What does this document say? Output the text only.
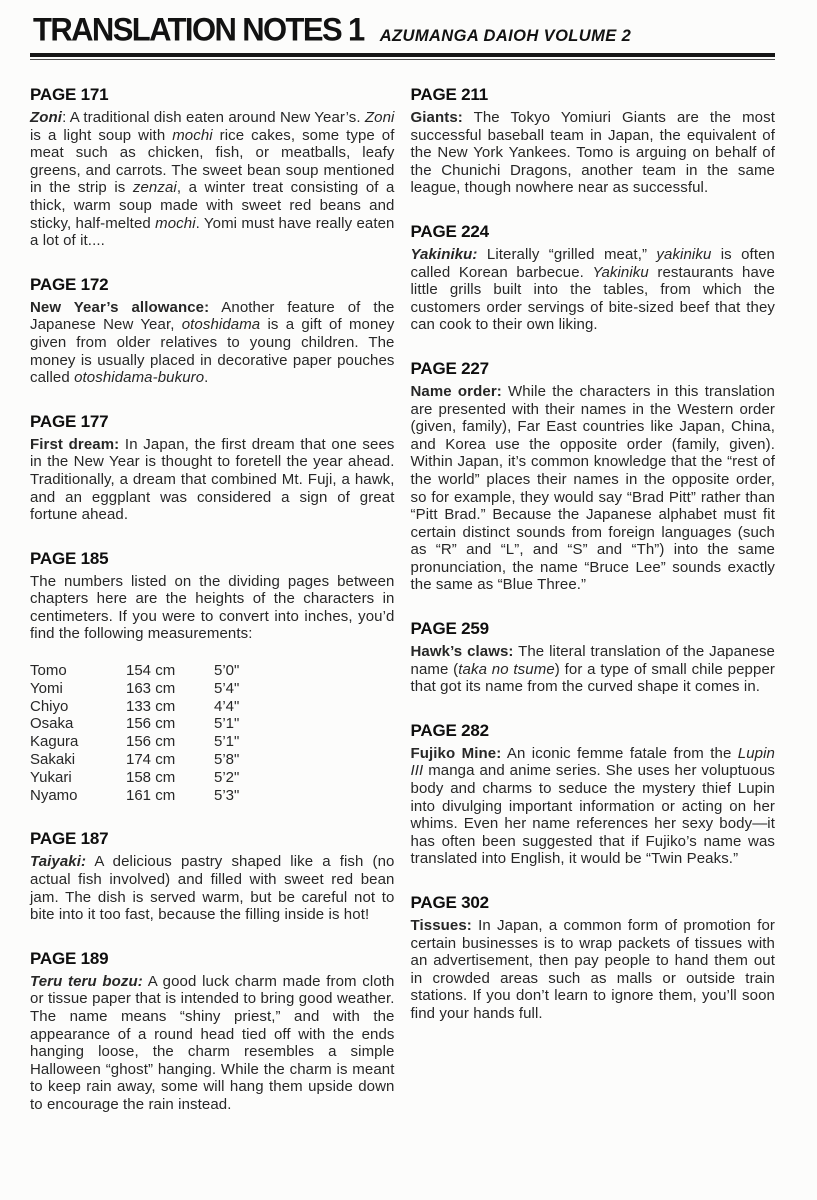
TRANSLATION NOTES 1 AZUMANGA DAIOH VOLUME 2
PAGE 171

Zoni: A traditional dish eaten around New Year’s. Zoni is a light soup with mochi rice cakes, some type of meat such as chicken, fish, or meatballs, leafy greens, and carrots. The sweet bean soup mentioned in the strip is zenzai, a winter treat consisting of a thick, warm soup made with sweet red beans and sticky, half-melted mochi. Yomi must have really eaten a lot of it....

PAGE 172

New Year’s allowance: Another feature of the Japanese New Year, otoshidama is a gift of money given from older relatives to young children. The money is usually placed in decorative paper pouches called otoshidama-bukuro.

PAGE 177

First dream: In Japan, the first dream that one sees in the New Year is thought to foretell the year ahead. Traditionally, a dream that combined Mt. Fuji, a hawk, and an eggplant was considered a sign of great fortune ahead.

PAGE 185

The numbers listed on the dividing pages between chapters here are the heights of the characters in centimeters. If you were to convert into inches, you’d find the following measurements:

Tomo	154 cm	5’0"
Yomi	163 cm	5’4"
Chiyo	133 cm	4’4"
Osaka	156 cm	5’1"
Kagura	156 cm	5’1"
Sakaki	174 cm	5’8"
Yukari	158 cm	5’2"
Nyamo	161 cm	5’3"
PAGE 187

Taiyaki: A delicious pastry shaped like a fish (no actual fish involved) and filled with sweet red bean jam. The dish is served warm, but be careful not to bite into it too fast, because the filling inside is hot!

PAGE 189

Teru teru bozu: A good luck charm made from cloth or tissue paper that is intended to bring good weather. The name means “shiny priest,” and with the appearance of a round head tied off with the ends hanging loose, the charm resembles a simple Halloween “ghost” hanging. While the charm is meant to keep rain away, some will hang them upside down to encourage the rain instead.

PAGE 211

Giants: The Tokyo Yomiuri Giants are the most successful baseball team in Japan, the equivalent of the New York Yankees. Tomo is arguing on behalf of the Chunichi Dragons, another team in the same league, though nowhere near as successful.

PAGE 224

Yakiniku: Literally “grilled meat,” yakiniku is often called Korean barbecue. Yakiniku restaurants have little grills built into the tables, from which the customers order servings of bite-sized beef that they can cook to their own liking.

PAGE 227

Name order: While the characters in this translation are presented with their names in the Western order (given, family), Far East countries like Japan, China, and Korea use the opposite order (family, given). Within Japan, it’s common knowledge that the “rest of the world” places their names in the opposite order, so for example, they would say “Brad Pitt” rather than “Pitt Brad.” Because the Japanese alphabet must fit certain distinct sounds from foreign languages (such as “R” and “L”, and “S” and “Th”) into the same pronunciation, the name “Bruce Lee” sounds exactly the same as “Blue Three.”

PAGE 259

Hawk’s claws: The literal translation of the Japanese name (taka no tsume) for a type of small chile pepper that got its name from the curved shape it comes in.

PAGE 282

Fujiko Mine: An iconic femme fatale from the Lupin III manga and anime series. She uses her voluptuous body and charms to seduce the mystery thief Lupin into divulging important information or acting on her whims. Even her name references her sexy body—it has often been suggested that if Fujiko’s name was translated into English, it would be “Twin Peaks.”

PAGE 302

Tissues: In Japan, a common form of promotion for certain businesses is to wrap packets of tissues with an advertisement, then pay people to hand them out in crowded areas such as malls or outside train stations. If you don’t learn to ignore them, you’ll soon find your hands full.
